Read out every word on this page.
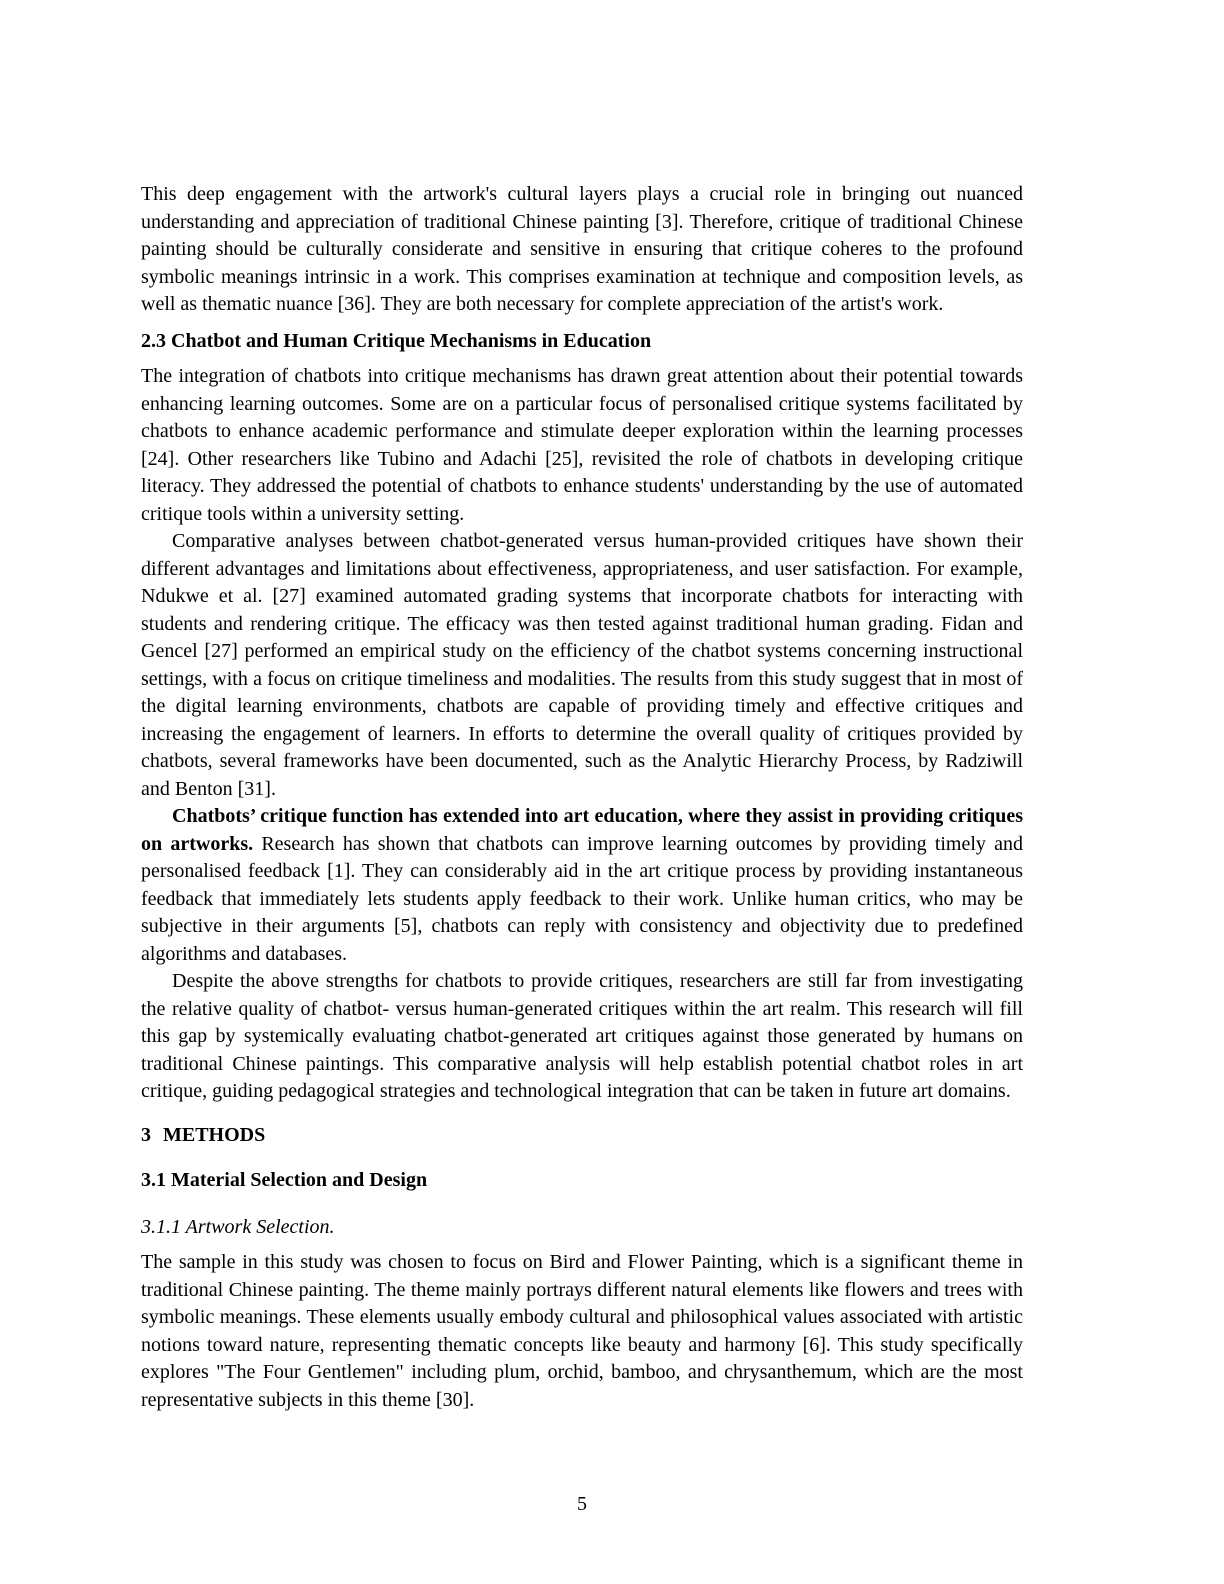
This deep engagement with the artwork's cultural layers plays a crucial role in bringing out nuanced understanding and appreciation of traditional Chinese painting [3]. Therefore, critique of traditional Chinese painting should be culturally considerate and sensitive in ensuring that critique coheres to the profound symbolic meanings intrinsic in a work. This comprises examination at technique and composition levels, as well as thematic nuance [36]. They are both necessary for complete appreciation of the artist's work.

2.3 Chatbot and Human Critique Mechanisms in Education

The integration of chatbots into critique mechanisms has drawn great attention about their potential towards enhancing learning outcomes. Some are on a particular focus of personalised critique systems facilitated by chatbots to enhance academic performance and stimulate deeper exploration within the learning processes [24]. Other researchers like Tubino and Adachi [25], revisited the role of chatbots in developing critique literacy. They addressed the potential of chatbots to enhance students' understanding by the use of automated critique tools within a university setting.

Comparative analyses between chatbot-generated versus human-provided critiques have shown their different advantages and limitations about effectiveness, appropriateness, and user satisfaction. For example, Ndukwe et al. [27] examined automated grading systems that incorporate chatbots for interacting with students and rendering critique. The efficacy was then tested against traditional human grading. Fidan and Gencel [27] performed an empirical study on the efficiency of the chatbot systems concerning instructional settings, with a focus on critique timeliness and modalities. The results from this study suggest that in most of the digital learning environments, chatbots are capable of providing timely and effective critiques and increasing the engagement of learners. In efforts to determine the overall quality of critiques provided by chatbots, several frameworks have been documented, such as the Analytic Hierarchy Process, by Radziwill and Benton [31].

Chatbots’ critique function has extended into art education, where they assist in providing critiques on artworks. Research has shown that chatbots can improve learning outcomes by providing timely and personalised feedback [1]. They can considerably aid in the art critique process by providing instantaneous feedback that immediately lets students apply feedback to their work. Unlike human critics, who may be subjective in their arguments [5], chatbots can reply with consistency and objectivity due to predefined algorithms and databases.

Despite the above strengths for chatbots to provide critiques, researchers are still far from investigating the relative quality of chatbot- versus human-generated critiques within the art realm. This research will fill this gap by systemically evaluating chatbot-generated art critiques against those generated by humans on traditional Chinese paintings. This comparative analysis will help establish potential chatbot roles in art critique, guiding pedagogical strategies and technological integration that can be taken in future art domains.

3 METHODS
3.1 Material Selection and Design
3.1.1 Artwork Selection.

The sample in this study was chosen to focus on Bird and Flower Painting, which is a significant theme in traditional Chinese painting. The theme mainly portrays different natural elements like flowers and trees with symbolic meanings. These elements usually embody cultural and philosophical values associated with artistic notions toward nature, representing thematic concepts like beauty and harmony [6]. This study specifically explores "The Four Gentlemen" including plum, orchid, bamboo, and chrysanthemum, which are the most representative subjects in this theme [30].

5
